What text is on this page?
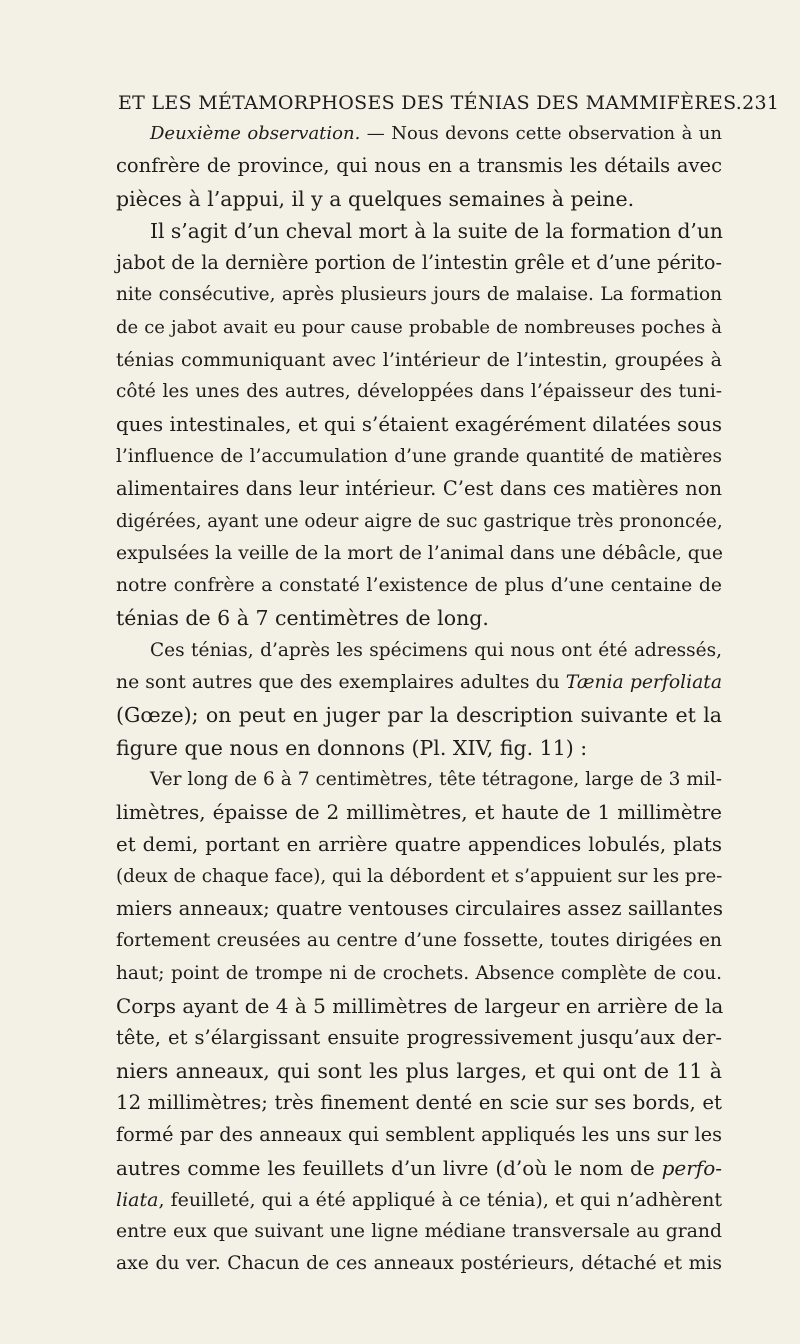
ET LES MÉTAMORPHOSES DES TÉNIAS DES MAMMIFÈRES. 231
Deuxième observation. — Nous devons cette observation à un
confrère de province, qui nous en a transmis les détails avec
pièces à l’appui, il y a quelques semaines à peine.
Il s’agit d’un cheval mort à la suite de la formation d’un
jabot de la dernière portion de l’intestin grêle et d’une périto-
nite consécutive, après plusieurs jours de malaise. La formation
de ce jabot avait eu pour cause probable de nombreuses poches à
ténias communiquant avec l’intérieur de l’intestin, groupées à
côté les unes des autres, développées dans l’épaisseur des tuni-
ques intestinales, et qui s’étaient exagérément dilatées sous
l’influence de l’accumulation d’une grande quantité de matières
alimentaires dans leur intérieur. C’est dans ces matières non
digérées, ayant une odeur aigre de suc gastrique très prononcée,
expulsées la veille de la mort de l’animal dans une débâcle, que
notre confrère a constaté l’existence de plus d’une centaine de
ténias de 6 à 7 centimètres de long.
Ces ténias, d’après les spécimens qui nous ont été adressés,
ne sont autres que des exemplaires adultes du Tænia perfoliata
(Gœze); on peut en juger par la description suivante et la
figure que nous en donnons (Pl. XIV, fig. 11) :
Ver long de 6 à 7 centimètres, tête tétragone, large de 3 mil-
limètres, épaisse de 2 millimètres, et haute de 1 millimètre
et demi, portant en arrière quatre appendices lobulés, plats
(deux de chaque face), qui la débordent et s’appuient sur les pre-
miers anneaux; quatre ventouses circulaires assez saillantes
fortement creusées au centre d’une fossette, toutes dirigées en
haut; point de trompe ni de crochets. Absence complète de cou.
Corps ayant de 4 à 5 millimètres de largeur en arrière de la
tête, et s’élargissant ensuite progressivement jusqu’aux der-
niers anneaux, qui sont les plus larges, et qui ont de 11 à
12 millimètres; très finement denté en scie sur ses bords, et
formé par des anneaux qui semblent appliqués les uns sur les
autres comme les feuillets d’un livre (d’où le nom de perfo-
liata, feuilleté, qui a été appliqué à ce ténia), et qui n’adhèrent
entre eux que suivant une ligne médiane transversale au grand
axe du ver. Chacun de ces anneaux postérieurs, détaché et mis
